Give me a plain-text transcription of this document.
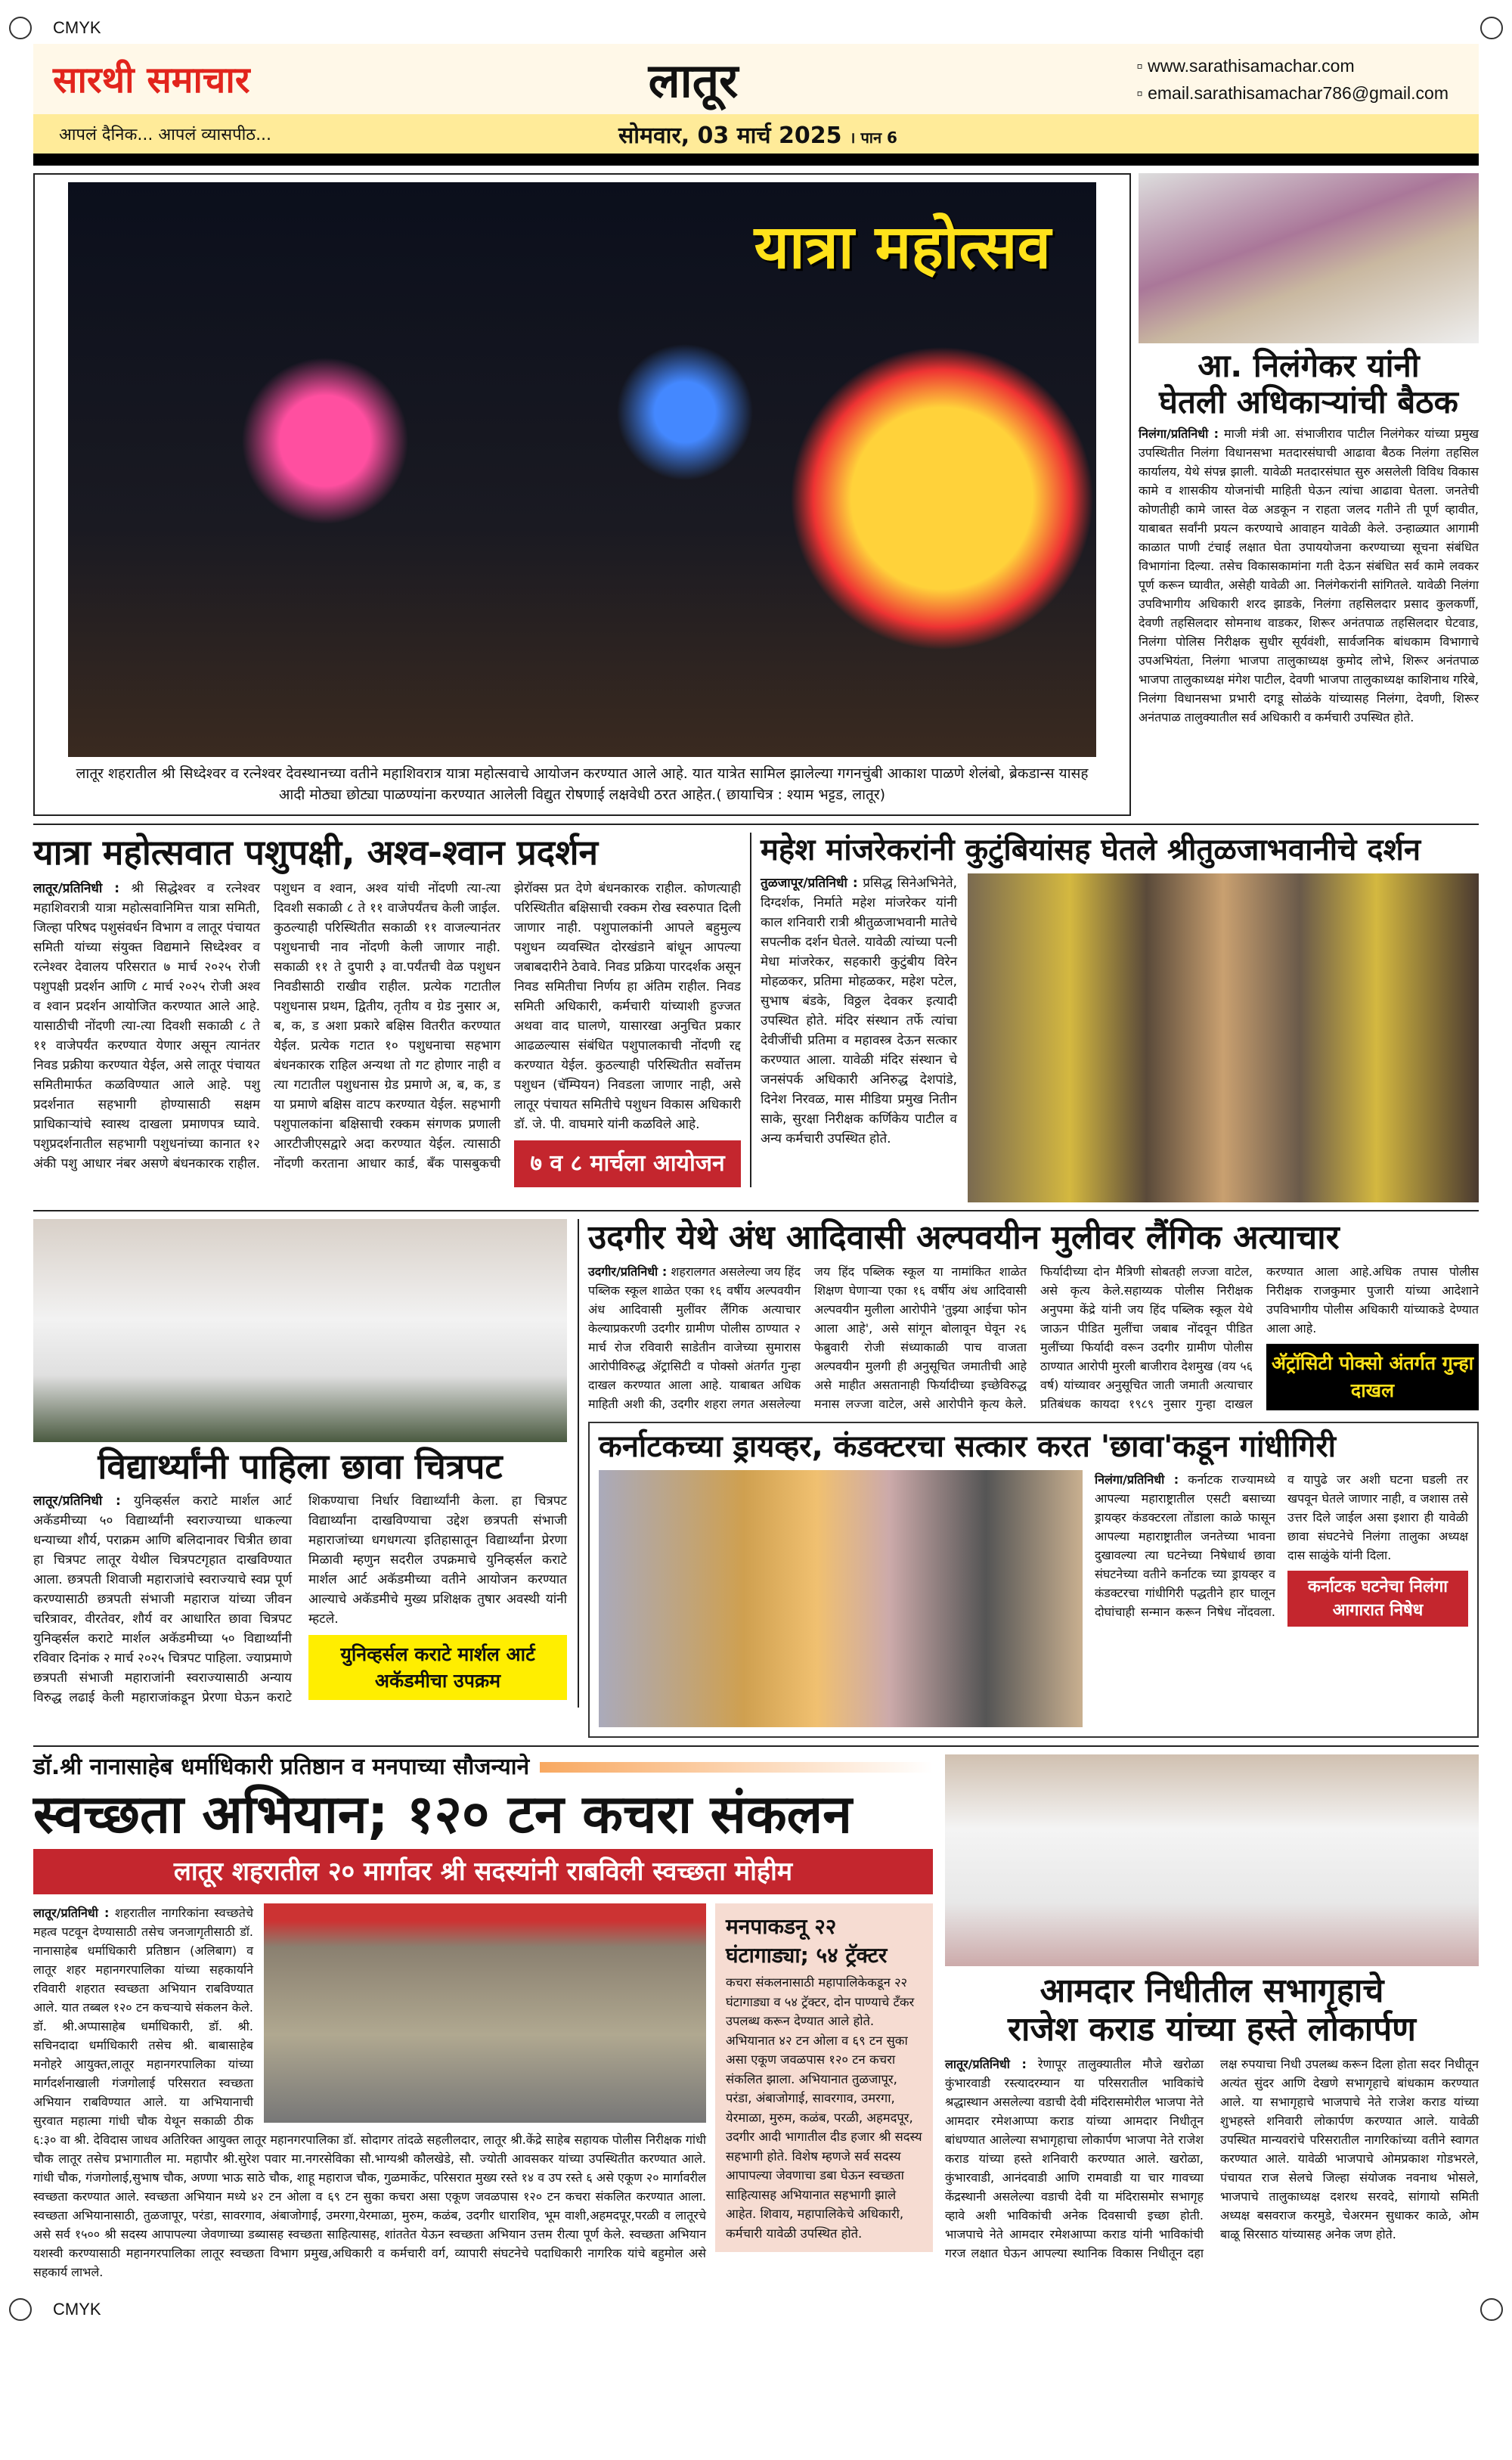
CMYK
सारथी समाचार	लातूर	▫ www.sarathisamachar.com
▫ email.sarathisamachar786@gmail.com
आपलं दैनिक... आपलं व्यासपीठ...	सोमवार, 03 मार्च 2025 । पान 6
यात्रा महोत्सव
लातूर शहरातील श्री सिध्देश्वर व रत्नेश्वर देवस्थानच्या वतीने महाशिवरात्र यात्रा महोत्सवाचे आयोजन करण्यात आले आहे. यात यात्रेत सामिल झालेल्या गगनचुंबी आकाश पाळणे शेलंबो, ब्रेकडान्स यासह आदी मोठ्या छोट्या पाळण्यांना करण्यात आलेली विद्युत रोषणाई लक्षवेधी ठरत आहेत.( छायाचित्र : श्याम भट्टड, लातूर)
आ. निलंगेकर यांनी
घेतली अधिकाऱ्यांची बैठक
निलंगा/प्रतिनिधी : माजी मंत्री आ. संभाजीराव पाटील निलंगेकर यांच्या प्रमुख उपस्थितीत निलंगा विधानसभा मतदारसंघाची आढावा बैठक निलंगा तहसिल कार्यालय, येथे संपन्न झाली. यावेळी मतदारसंघात सुरु असलेली विविध विकास कामे व शासकीय योजनांची माहिती घेऊन त्यांचा आढावा घेतला. जनतेची कोणतीही कामे जास्त वेळ अडकून न राहता जलद गतीने ती पूर्ण व्हावीत, याबाबत सर्वांनी प्रयत्न करण्याचे आवाहन यावेळी केले. उन्हाळ्यात आगामी काळात पाणी टंचाई लक्षात घेता उपाययोजना करण्याच्या सूचना संबंधित विभागांना दिल्या. तसेच विकासकामांना गती देऊन संबंधित सर्व कामे लवकर पूर्ण करून घ्यावीत, असेही यावेळी आ. निलंगेकरांनी सांगितले. यावेळी निलंगा उपविभागीय अधिकारी शरद झाडके, निलंगा तहसिलदार प्रसाद कुलकर्णी, देवणी तहसिलदार सोमनाथ वाडकर, शिरूर अनंतपाळ तहसिलदार घेटवाड, निलंगा पोलिस निरीक्षक सुधीर सूर्यवंशी, सार्वजनिक बांधकाम विभागाचे उपअभियंता, निलंगा भाजपा तालुकाध्यक्ष कुमोद लोभे, शिरूर अनंतपाळ भाजपा तालुकाध्यक्ष मंगेश पाटील, देवणी भाजपा तालुकाध्यक्ष काशिनाथ गरिबे, निलंगा विधानसभा प्रभारी दगडू सोळंके यांच्यासह निलंगा, देवणी, शिरूर अनंतपाळ तालुक्यातील सर्व अधिकारी व कर्मचारी उपस्थित होते.
यात्रा महोत्सवात पशुपक्षी, अश्व-श्वान प्रदर्शन
लातूर/प्रतिनिधी : श्री सिद्धेश्वर व रत्नेश्वर महाशिवरात्री यात्रा महोत्सवानिमित्त यात्रा समिती, जिल्हा परिषद पशुसंवर्धन विभाग व लातूर पंचायत समिती यांच्या संयुक्त विद्यमाने सिध्देश्वर व रत्नेश्वर देवालय परिसरात ७ मार्च २०२५ रोजी पशुपक्षी प्रदर्शन आणि ८ मार्च २०२५ रोजी अश्व व श्वान प्रदर्शन आयोजित करण्यात आले आहे. यासाठीची नोंदणी त्या-त्या दिवशी सकाळी ८ ते ११ वाजेपर्यंत करण्यात येणार असून त्यानंतर निवड प्रक्रीया करण्यात येईल, असे लातूर पंचायत समितीमार्फत कळविण्यात आले आहे. पशु प्रदर्शनात सहभागी होण्यासाठी सक्षम प्राधिकाऱ्यांचे स्वास्थ दाखला प्रमाणपत्र घ्यावे. पशुप्रदर्शनातील सहभागी पशुधनांच्या कानात १२ अंकी पशु आधार नंबर असणे बंधनकारक राहील. पशुधन व श्वान, अश्व यांची नोंदणी त्या-त्या दिवशी सकाळी ८ ते ११ वाजेपर्यंतच केली जाईल. कुठल्याही परिस्थितीत सकाळी ११ वाजल्यानंतर पशुधनाची नाव नोंदणी केली जाणार नाही. सकाळी ११ ते दुपारी ३ वा.पर्यंतची वेळ पशुधन निवडीसाठी राखीव राहील. प्रत्येक गटातील पशुधनास प्रथम, द्वितीय, तृतीय व ग्रेड नुसार अ, ब, क, ड अशा प्रकारे बक्षिस वितरीत करण्यात येईल. प्रत्येक गटात १० पशुधनाचा सहभाग बंधनकारक राहिल अन्यथा तो गट होणार नाही व त्या गटातील पशुधनास ग्रेड प्रमाणे अ, ब, क, ड या प्रमाणे बक्षिस वाटप करण्यात येईल. सहभागी पशुपालकांना बक्षिसाची रक्कम संगणक प्रणाली आरटीजीएसद्वारे अदा करण्यात येईल. त्यासाठी नोंदणी करताना आधार कार्ड, बँक पासबुकची झेरॉक्स प्रत देणे बंधनकारक राहील. कोणत्याही परिस्थितीत बक्षिसाची रक्कम रोख स्वरुपात दिली जाणार नाही. पशुपालकांनी आपले बहुमुल्य पशुधन व्यवस्थित दोरखंडाने बांधून आपल्या जबाबदारीने ठेवावे. निवड प्रक्रिया पारदर्शक असून निवड समितीचा निर्णय हा अंतिम राहील. निवड समिती अधिकारी, कर्मचारी यांच्याशी हुज्जत अथवा वाद घालणे, यासारखा अनुचित प्रकार आढळल्यास संबंधित पशुपालकाची नोंदणी रद्द करण्यात येईल. कुठल्याही परिस्थितीत सर्वोत्तम पशुधन (चॅम्पियन) निवडला जाणार नाही, असे लातूर पंचायत समितीचे पशुधन विकास अधिकारी डॉ. जे. पी. वाघमारे यांनी कळविले आहे.
७ व ८ मार्चला आयोजन
महेश मांजरेकरांनी कुटुंबियांसह घेतले श्रीतुळजाभवानीचे दर्शन
तुळजापूर/प्रतिनिधी : प्रसिद्ध सिनेअभिनेते, दिग्दर्शक, निर्माते महेश मांजरेकर यांनी काल शनिवारी रात्री श्रीतुळजाभवानी मातेचे सपत्नीक दर्शन घेतले. यावेळी त्यांच्या पत्नी मेधा मांजरेकर, सहकारी कुटुंबीय विरेन मोहळकर, प्रतिमा मोहळकर, महेश पटेल, सुभाष बंडके, विठ्ठल देवकर इत्यादी उपस्थित होते. मंदिर संस्थान तर्फे त्यांचा देवीजींची प्रतिमा व महावस्त्र देऊन सत्कार करण्यात आला. यावेळी मंदिर संस्थान चे जनसंपर्क अधिकारी अनिरुद्ध देशपांडे, दिनेश निरवळ, मास मीडिया प्रमुख नितीन साके, सुरक्षा निरीक्षक कर्णिकेय पाटील व अन्य कर्मचारी उपस्थित होते.
विद्यार्थ्यांनी पाहिला छावा चित्रपट
लातूर/प्रतिनिधी : युनिव्हर्सल कराटे मार्शल आर्ट अकॅडमीच्या ५० विद्यार्थ्यांनी स्वराज्याच्या धाकल्या धन्याच्या शौर्य, पराक्रम आणि बलिदानावर चित्रीत छावा हा चित्रपट लातूर येथील चित्रपटगृहात दाखविण्यात आला. छत्रपती शिवाजी महाराजांचे स्वराज्याचे स्वप्न पूर्ण करण्यासाठी छत्रपती संभाजी महाराज यांच्या जीवन चरित्रावर, वीरतेवर, शौर्य वर आधारित छावा चित्रपट युनिव्हर्सल कराटे मार्शल अकॅडमीच्या ५० विद्यार्थ्यांनी रविवार दिनांक २ मार्च २०२५ चित्रपट पाहिला. ज्याप्रमाणे छत्रपती संभाजी महाराजांनी स्वराज्यासाठी अन्याय विरुद्ध लढाई केली महाराजांकडून प्रेरणा घेऊन कराटे शिकण्याचा निर्धार विद्यार्थ्यांनी केला. हा चित्रपट विद्यार्थ्यांना दाखविण्याचा उद्देश छत्रपती संभाजी महाराजांच्या धगधगत्या इतिहासातून विद्यार्थ्यांना प्रेरणा मिळावी म्हणुन सदरील उपक्रमाचे युनिव्हर्सल कराटे मार्शल आर्ट अकॅडमीच्या वतीने आयोजन करण्यात आल्याचे अकॅडमीचे मुख्य प्रशिक्षक तुषार अवस्थी यांनी म्हटले.
युनिव्हर्सल कराटे मार्शल आर्ट अकॅडमीचा उपक्रम
उदगीर येथे अंध आदिवासी अल्पवयीन मुलीवर लैंगिक अत्याचार
उदगीर/प्रतिनिधी : शहरालगत असलेल्या जय हिंद पब्लिक स्कूल शाळेत एका १६ वर्षीय अल्पवयीन अंध आदिवासी मुलींवर लैंगिक अत्याचार केल्याप्रकरणी उदगीर ग्रामीण पोलीस ठाण्यात २ मार्च रोज रविवारी साडेतीन वाजेच्या सुमारास आरोपीविरुद्ध ॲट्रासिटी व पोक्सो अंतर्गत गुन्हा दाखल करण्यात आला आहे. याबाबत अधिक माहिती अशी की, उदगीर शहरा लगत असलेल्या जय हिंद पब्लिक स्कूल या नामांकित शाळेत शिक्षण घेणाऱ्या एका १६ वर्षीय अंध आदिवासी अल्पवयीन मुलीला आरोपीने 'तुझ्या आईचा फोन आला आहे', असे सांगून बोलावून घेवून २६ फेब्रुवारी रोजी संध्याकाळी पाच वाजता अल्पवयीन मुलगी ही अनुसूचित जमातीची आहे असे माहीत असतानाही फिर्यादीच्या इच्छेविरुद्ध मनास लज्जा वाटेल, असे आरोपीने कृत्य केले. फिर्यादीच्या दोन मैत्रिणी सोबतही लज्जा वाटेल, असे कृत्य केले.सहाय्यक पोलीस निरीक्षक अनुपमा केंद्रे यांनी जय हिंद पब्लिक स्कूल येथे जाऊन पीडित मुलींचा जबाब नोंदवून पीडित मुलींच्या फिर्यादी वरून उदगीर ग्रामीण पोलीस ठाण्यात आरोपी मुरली बाजीराव देशमुख (वय ५६ वर्ष) यांच्यावर अनुसूचित जाती जमाती अत्याचार प्रतिबंधक कायदा १९८९ नुसार गुन्हा दाखल करण्यात आला आहे.अधिक तपास पोलीस निरीक्षक राजकुमार पुजारी यांच्या आदेशाने उपविभागीय पोलीस अधिकारी यांच्याकडे देण्यात आला आहे.
अ‍ॅट्रॉसिटी पोक्सो अंतर्गत गुन्हा दाखल
कर्नाटकच्या ड्रायव्हर, कंडक्टरचा सत्कार करत 'छावा'कडून गांधीगिरी
निलंगा/प्रतिनिधी : कर्नाटक राज्यामध्ये आपल्या महाराष्ट्रातील एसटी बसाच्या ड्रायव्हर कंडक्टरला तोंडाला काळे फासून आपल्या महाराष्ट्रातील जनतेच्या भावना दुखावल्या त्या घटनेच्या निषेधार्थ छावा संघटनेच्या वतीने कर्नाटक च्या ड्रायव्हर व कंडक्टरचा गांधीगिरी पद्धतीने हार घालून दोघांचाही सन्मान करून निषेध नोंदवला. व यापुढे जर अशी घटना घडली तर खपवून घेतले जाणार नाही, व जशास तसे उत्तर दिले जाईल असा इशारा ही यावेळी छावा संघटनेचे निलंगा तालुका अध्यक्ष दास साळुंके यांनी दिला.
कर्नाटक घटनेचा निलंगा आगारात निषेध
डॉ.श्री नानासाहेब धर्माधिकारी प्रतिष्ठान व मनपाच्या सौजन्याने
स्वच्छता अभियान; १२० टन कचरा संकलन
लातूर शहरातील २० मार्गावर श्री सदस्यांनी राबविली स्वच्छता मोहीम
लातूर/प्रतिनिधी : शहरातील नागरिकांना स्वच्छतेचे महत्व पटवून देण्यासाठी तसेच जनजागृतीसाठी डॉ. नानासाहेब धर्माधिकारी प्रतिष्ठान (अलिबाग) व लातूर शहर महानगरपालिका यांच्या सहकार्याने रविवारी शहरात स्वच्छता अभियान राबविण्यात आले. यात तब्बल १२० टन कचऱ्याचे संकलन केले. डॉ. श्री.अप्पासाहेब धर्माधिकारी, डॉ. श्री. सचिनदादा धर्माधिकारी तसेच श्री. बाबासाहेब मनोहरे आयुक्त,लातूर महानगरपालिका यांच्या मार्गदर्शनाखाली गंजगोलाई परिसरात स्वच्छता अभियान राबविण्यात आले. या अभियानाची सुरवात महात्मा गांधी चौक येथून सकाळी ठीक ६:३० वा श्री. देविदास जाधव अतिरिक्त आयुक्त लातूर महानगरपालिका डॉ. सोदागर तांदळे सहलीलदार, लातूर श्री.केंद्रे साहेब सहायक पोलीस निरीक्षक गांधी चौक लातूर तसेच प्रभागातील मा. महापौर श्री.सुरेश पवार मा.नगरसेविका सौ.भाग्यश्री कौलखेडे, सौ. ज्योती आवसकर यांच्या उपस्थितीत करण्यात आले. गांधी चौक, गंजगोलाई,सुभाष चौक, अण्णा भाऊ साठे चौक, शाहू महाराज चौक, गुळमार्केट, परिसरात मुख्य रस्ते १४ व उप रस्ते ६ असे एकूण २० मार्गावरील स्वच्छता करण्यात आले. स्वच्छता अभियान मध्ये ४२ टन ओला व ६९ टन सुका कचरा असा एकूण जवळपास १२० टन कचरा संकलित करण्यात आला. स्वच्छता अभियानासाठी, तुळजापूर, परंडा, सावरगाव, अंबाजोगाई, उमरगा,येरमाळा, मुरुम, कळंब, उदगीर धाराशिव, भूम वाशी,अहमदपूर,परळी व लातूरचे असे सर्व १५०० श्री सदस्य आपापल्या जेवणाच्या डब्यासह स्वच्छता साहित्यासह, शांततेत येऊन स्वच्छता अभियान उत्तम रीत्या पूर्ण केले. स्वच्छता अभियान यशस्वी करण्यासाठी महानगरपालिका लातूर स्वच्छता विभाग प्रमुख,अधिकारी व कर्मचारी वर्ग, व्यापारी संघटनेचे पदाधिकारी नागरिक यांचे बहुमोल असे सहकार्य लाभले.
मनपाकडनू २२ घंटागाड्या; ५४ ट्रॅक्टर
कचरा संकलनासाठी महापालिकेकडून २२ घंटागाड्या व ५४ ट्रॅक्टर, दोन पाण्याचे टँकर उपलब्ध करून देण्यात आले होते. अभियानात ४२ टन ओला व ६९ टन सुका असा एकूण जवळपास १२० टन कचरा संकलित झाला. अभियानात तुळजापूर, परंडा, अंबाजोगाई, सावरगाव, उमरगा, येरमाळा, मुरुम, कळंब, परळी, अहमदपूर, उदगीर आदी भागातील दीड हजार श्री सदस्य सहभागी होते. विशेष म्हणजे सर्व सदस्य आपापल्या जेवणाचा डबा घेऊन स्वच्छता साहित्यासह अभियानात सहभागी झाले आहेत. शिवाय, महापालिकेचे अधिकारी, कर्मचारी यावेळी उपस्थित होते.
आमदार निधीतील सभागृहाचे
राजेश कराड यांच्या हस्ते लोकार्पण
लातूर/प्रतिनिधी : रेणापूर तालुक्यातील मौजे खरोळा कुंभारवाडी रस्त्यादरम्यान या परिसरातील भाविकांचे श्रद्धास्थान असलेल्या वडाची देवी मंदिरासमोरील भाजपा नेते आमदार रमेशआप्पा कराड यांच्या आमदार निधीतून बांधण्यात आलेल्या सभागृहाचा लोकार्पण भाजपा नेते राजेश कराड यांच्या हस्ते शनिवारी करण्यात आले. खरोळा, कुंभारवाडी, आनंदवाडी आणि रामवाडी या चार गावच्या केंद्रस्थानी असलेल्या वडाची देवी या मंदिरासमोर सभागृह व्हावे अशी भाविकांची अनेक दिवसाची इच्छा होती. भाजपाचे नेते आमदार रमेशआप्पा कराड यांनी भाविकांची गरज लक्षात घेऊन आपल्या स्थानिक विकास निधीतून दहा लक्ष रुपयाचा निधी उपलब्ध करून दिला होता सदर निधीतून अत्यंत सुंदर आणि देखणे सभागृहाचे बांधकाम करण्यात आले. या सभागृहाचे भाजपाचे नेते राजेश कराड यांच्या शुभहस्ते शनिवारी लोकार्पण करण्यात आले. यावेळी उपस्थित मान्यवरांचे परिसरातील नागरिकांच्या वतीने स्वागत करण्यात आले. यावेळी भाजपाचे ओमप्रकाश गोडभरले, पंचायत राज सेलचे जिल्हा संयोजक नवनाथ भोसले, भाजपाचे तालुकाध्यक्ष दशरथ सरवदे, सांगायो समिती अध्यक्ष बसवराज करमुडे, चेअरमन सुधाकर काळे, ओम बाळू सिरसाठ यांच्यासह अनेक जण होते.
CMYK
